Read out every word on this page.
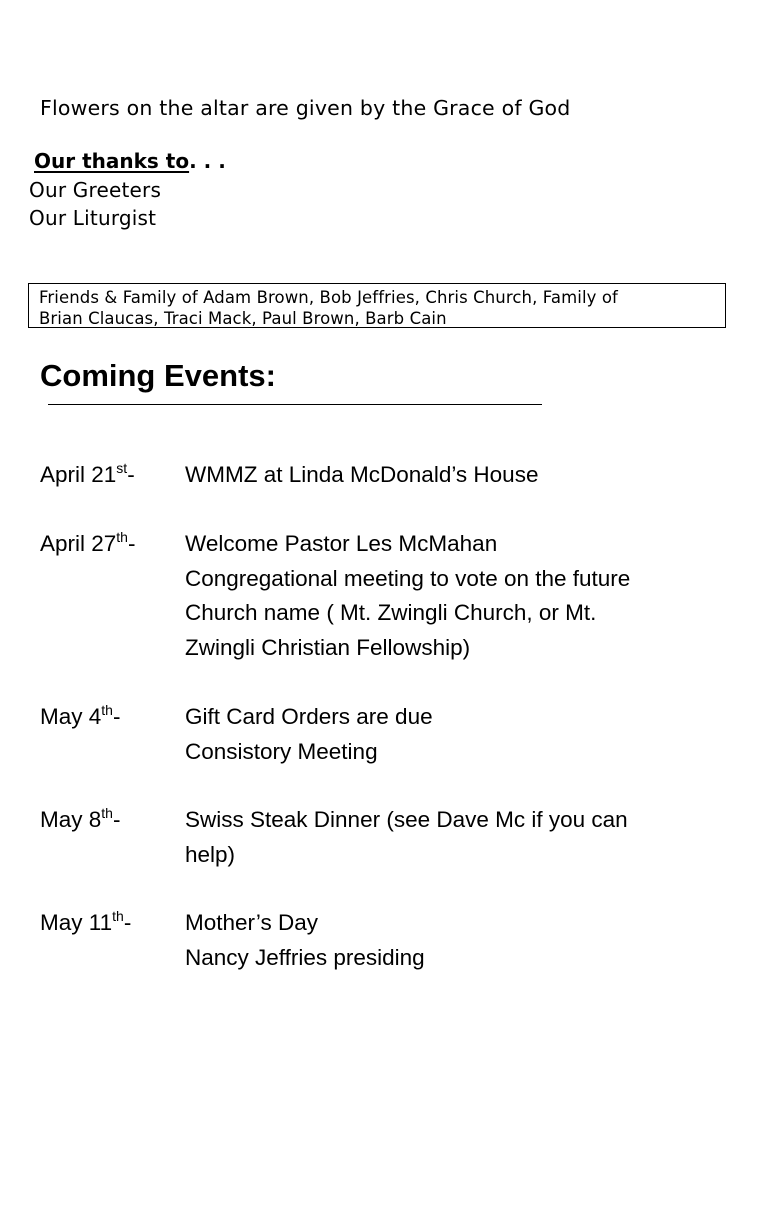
Flowers on the altar are given by the Grace of God
Our thanks to. . .
Our Greeters
Our Liturgist
Friends & Family of Adam Brown, Bob Jeffries, Chris Church, Family of
Brian Claucas, Traci Mack, Paul Brown, Barb Cain
Coming Events:
April 21st- WMMZ at Linda McDonald’s House
April 27th- Welcome Pastor Les McMahan
Congregational meeting to vote on the future
Church name ( Mt. Zwingli Church, or Mt.
Zwingli Christian Fellowship)
May 4th-	Gift Card Orders are due
Consistory Meeting
May 8th-	Swiss Steak Dinner (see Dave Mc if you can
help)
May 11th- Mother’s Day
Nancy Jeffries presiding
